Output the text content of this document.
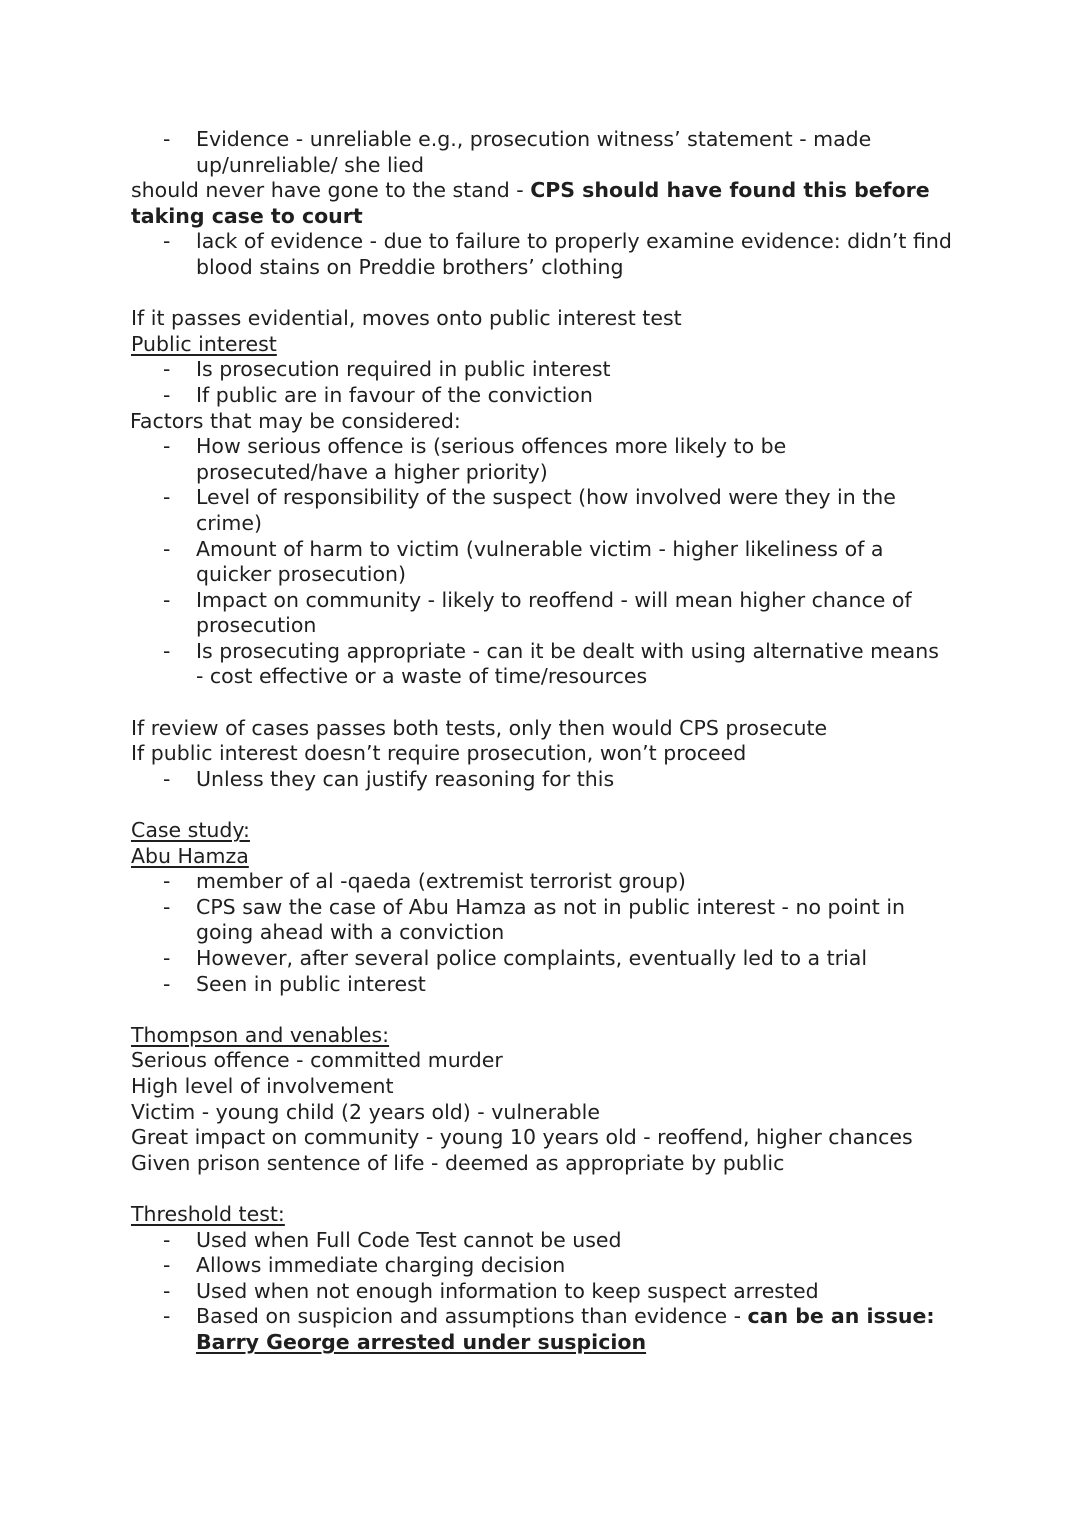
- Evidence - unreliable e.g., prosecution witness’ statement - made
up/unreliable/ she lied
should never have gone to the stand - CPS should have found this before
taking case to court
- lack of evidence - due to failure to properly examine evidence: didn’t find
blood stains on Preddie brothers’ clothing
If it passes evidential, moves onto public interest test
Public interest
- Is prosecution required in public interest
- If public are in favour of the conviction
Factors that may be considered:
- How serious offence is (serious offences more likely to be
prosecuted/have a higher priority)
- Level of responsibility of the suspect (how involved were they in the
crime)
- Amount of harm to victim (vulnerable victim - higher likeliness of a
quicker prosecution)
- Impact on community - likely to reoffend - will mean higher chance of
prosecution
- Is prosecuting appropriate - can it be dealt with using alternative means
- cost effective or a waste of time/resources
If review of cases passes both tests, only then would CPS prosecute
If public interest doesn’t require prosecution, won’t proceed
- Unless they can justify reasoning for this
Case study:
Abu Hamza
- member of al -qaeda (extremist terrorist group)
- CPS saw the case of Abu Hamza as not in public interest - no point in
going ahead with a conviction
- However, after several police complaints, eventually led to a trial
- Seen in public interest
Thompson and venables:
Serious offence - committed murder
High level of involvement
Victim - young child (2 years old) - vulnerable
Great impact on community - young 10 years old - reoffend, higher chances
Given prison sentence of life - deemed as appropriate by public
Threshold test:
- Used when Full Code Test cannot be used
- Allows immediate charging decision
- Used when not enough information to keep suspect arrested
- Based on suspicion and assumptions than evidence - can be an issue:
Barry George arrested under suspicion
